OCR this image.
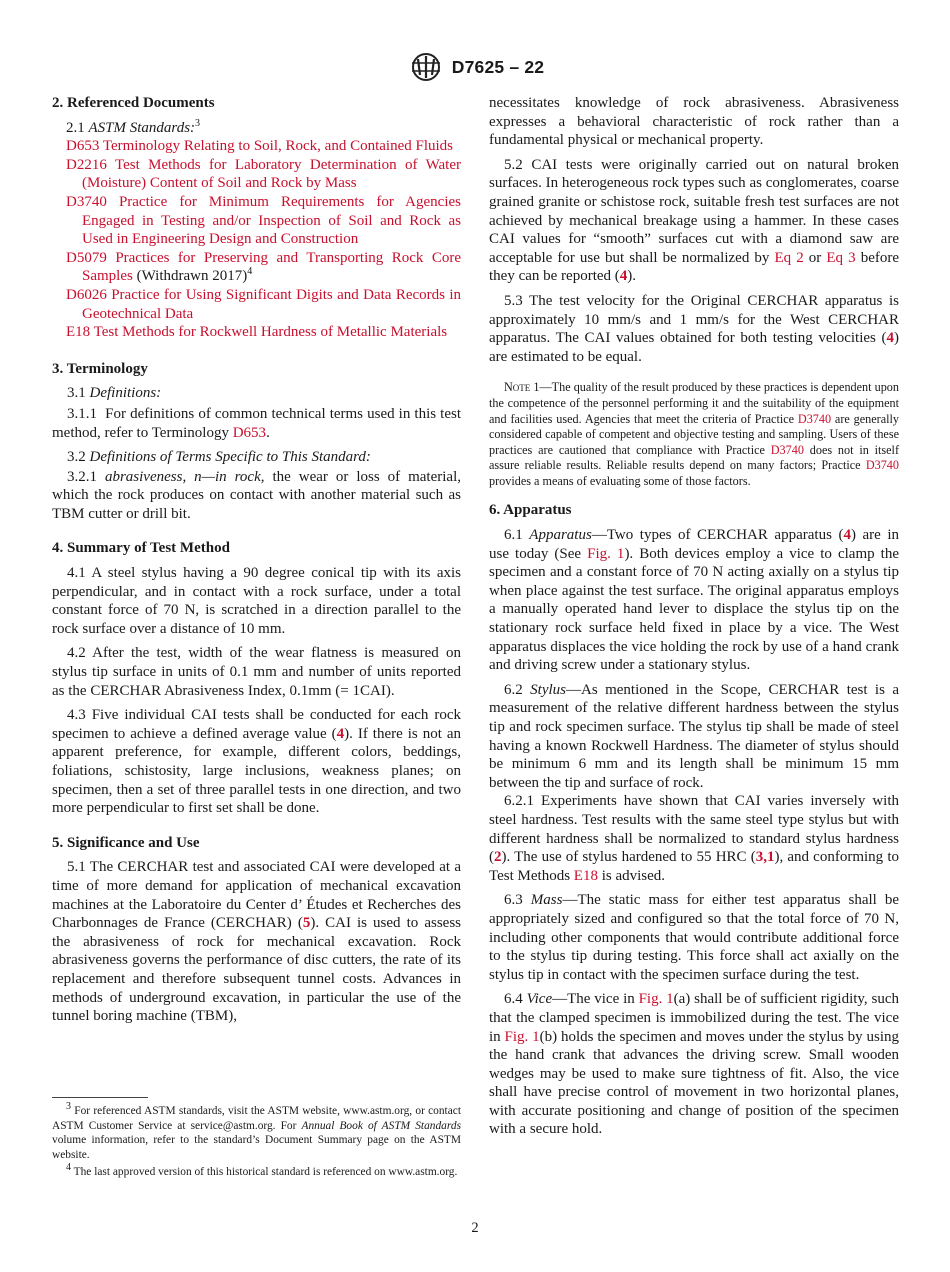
D7625 – 22

2. Referenced Documents

2.1 ASTM Standards:$^3$

D653 Terminology Relating to Soil, Rock, and Contained Fluids

D2216 Test Methods for Laboratory Determination of Water (Moisture) Content of Soil and Rock by Mass

D3740 Practice for Minimum Requirements for Agencies Engaged in Testing and/or Inspection of Soil and Rock as Used in Engineering Design and Construction

D5079 Practices for Preserving and Transporting Rock Core Samples (Withdrawn 2017)$^4$

D6026 Practice for Using Significant Digits and Data Records in Geotechnical Data

E18 Test Methods for Rockwell Hardness of Metallic Materials

3. Terminology

3.1 Definitions:

3.1.1 For definitions of common technical terms used in this test method, refer to Terminology D653.

3.2 Definitions of Terms Specific to This Standard:

3.2.1 abrasiveness, n—in rock, the wear or loss of material, which the rock produces on contact with another material such as TBM cutter or drill bit.

4. Summary of Test Method

4.1 A steel stylus having a 90 degree conical tip with its axis perpendicular, and in contact with a rock surface, under a total constant force of 70 N, is scratched in a direction parallel to the rock surface over a distance of 10 mm.

4.2 After the test, width of the wear flatness is measured on stylus tip surface in units of 0.1 mm and number of units reported as the CERCHAR Abrasiveness Index, 0.1mm (= 1CAI).

4.3 Five individual CAI tests shall be conducted for each rock specimen to achieve a defined average value (4). If there is not an apparent preference, for example, different colors, beddings, foliations, schistosity, large inclusions, weakness planes; on specimen, then a set of three parallel tests in one direction, and two more perpendicular to first set shall be done.

5. Significance and Use

5.1 The CERCHAR test and associated CAI were developed at a time of more demand for application of mechanical excavation machines at the Laboratoire du Center d’ Études et Recherches des Charbonnages de France (CERCHAR) (5). CAI is used to assess the abrasiveness of rock for mechanical excavation. Rock abrasiveness governs the performance of disc cutters, the rate of its replacement and therefore subsequent tunnel costs. Advances in methods of underground excavation, in particular the use of the tunnel boring machine (TBM),

$^3$ For referenced ASTM standards, visit the ASTM website, www.astm.org, or contact ASTM Customer Service at service@astm.org. For Annual Book of ASTM Standards volume information, refer to the standard’s Document Summary page on the ASTM website.

$^4$ The last approved version of this historical standard is referenced on www.astm.org.

necessitates knowledge of rock abrasiveness. Abrasiveness expresses a behavioral characteristic of rock rather than a fundamental physical or mechanical property.

5.2 CAI tests were originally carried out on natural broken surfaces. In heterogeneous rock types such as conglomerates, coarse grained granite or schistose rock, suitable fresh test surfaces are not achieved by mechanical breakage using a hammer. In these cases CAI values for “smooth” surfaces cut with a diamond saw are acceptable for use but shall be normalized by Eq 2 or Eq 3 before they can be reported (4).

5.3 The test velocity for the Original CERCHAR apparatus is approximately 10 mm/s and 1 mm/s for the West CERCHAR apparatus. The CAI values obtained for both testing velocities (4) are estimated to be equal.

Note 1—The quality of the result produced by these practices is dependent upon the competence of the personnel performing it and the suitability of the equipment and facilities used. Agencies that meet the criteria of Practice D3740 are generally considered capable of competent and objective testing and sampling. Users of these practices are cautioned that compliance with Practice D3740 does not in itself assure reliable results. Reliable results depend on many factors; Practice D3740 provides a means of evaluating some of those factors.

6. Apparatus

6.1 Apparatus—Two types of CERCHAR apparatus (4) are in use today (See Fig. 1). Both devices employ a vice to clamp the specimen and a constant force of 70 N acting axially on a stylus tip when place against the test surface. The original apparatus employs a manually operated hand lever to displace the stylus tip on the stationary rock surface held fixed in place by a vice. The West apparatus displaces the vice holding the rock by use of a hand crank and driving screw under a stationary stylus.

6.2 Stylus—As mentioned in the Scope, CERCHAR test is a measurement of the relative different hardness between the stylus tip and rock specimen surface. The stylus tip shall be made of steel having a known Rockwell Hardness. The diameter of stylus should be minimum 6 mm and its length shall be minimum 15 mm between the tip and surface of rock.

6.2.1 Experiments have shown that CAI varies inversely with steel hardness. Test results with the same steel type stylus but with different hardness shall be normalized to standard stylus hardness (2). The use of stylus hardened to 55 HRC (3,1), and conforming to Test Methods E18 is advised.

6.3 Mass—The static mass for either test apparatus shall be appropriately sized and configured so that the total force of 70 N, including other components that would contribute additional force to the stylus tip during testing. This force shall act axially on the stylus tip in contact with the specimen surface during the test.

6.4 Vice—The vice in Fig. 1(a) shall be of sufficient rigidity, such that the clamped specimen is immobilized during the test. The vice in Fig. 1(b) holds the specimen and moves under the stylus by using the hand crank that advances the driving screw. Small wooden wedges may be used to make sure tightness of fit. Also, the vice shall have precise control of movement in two horizontal planes, with accurate positioning and change of position of the specimen with a secure hold.

2
